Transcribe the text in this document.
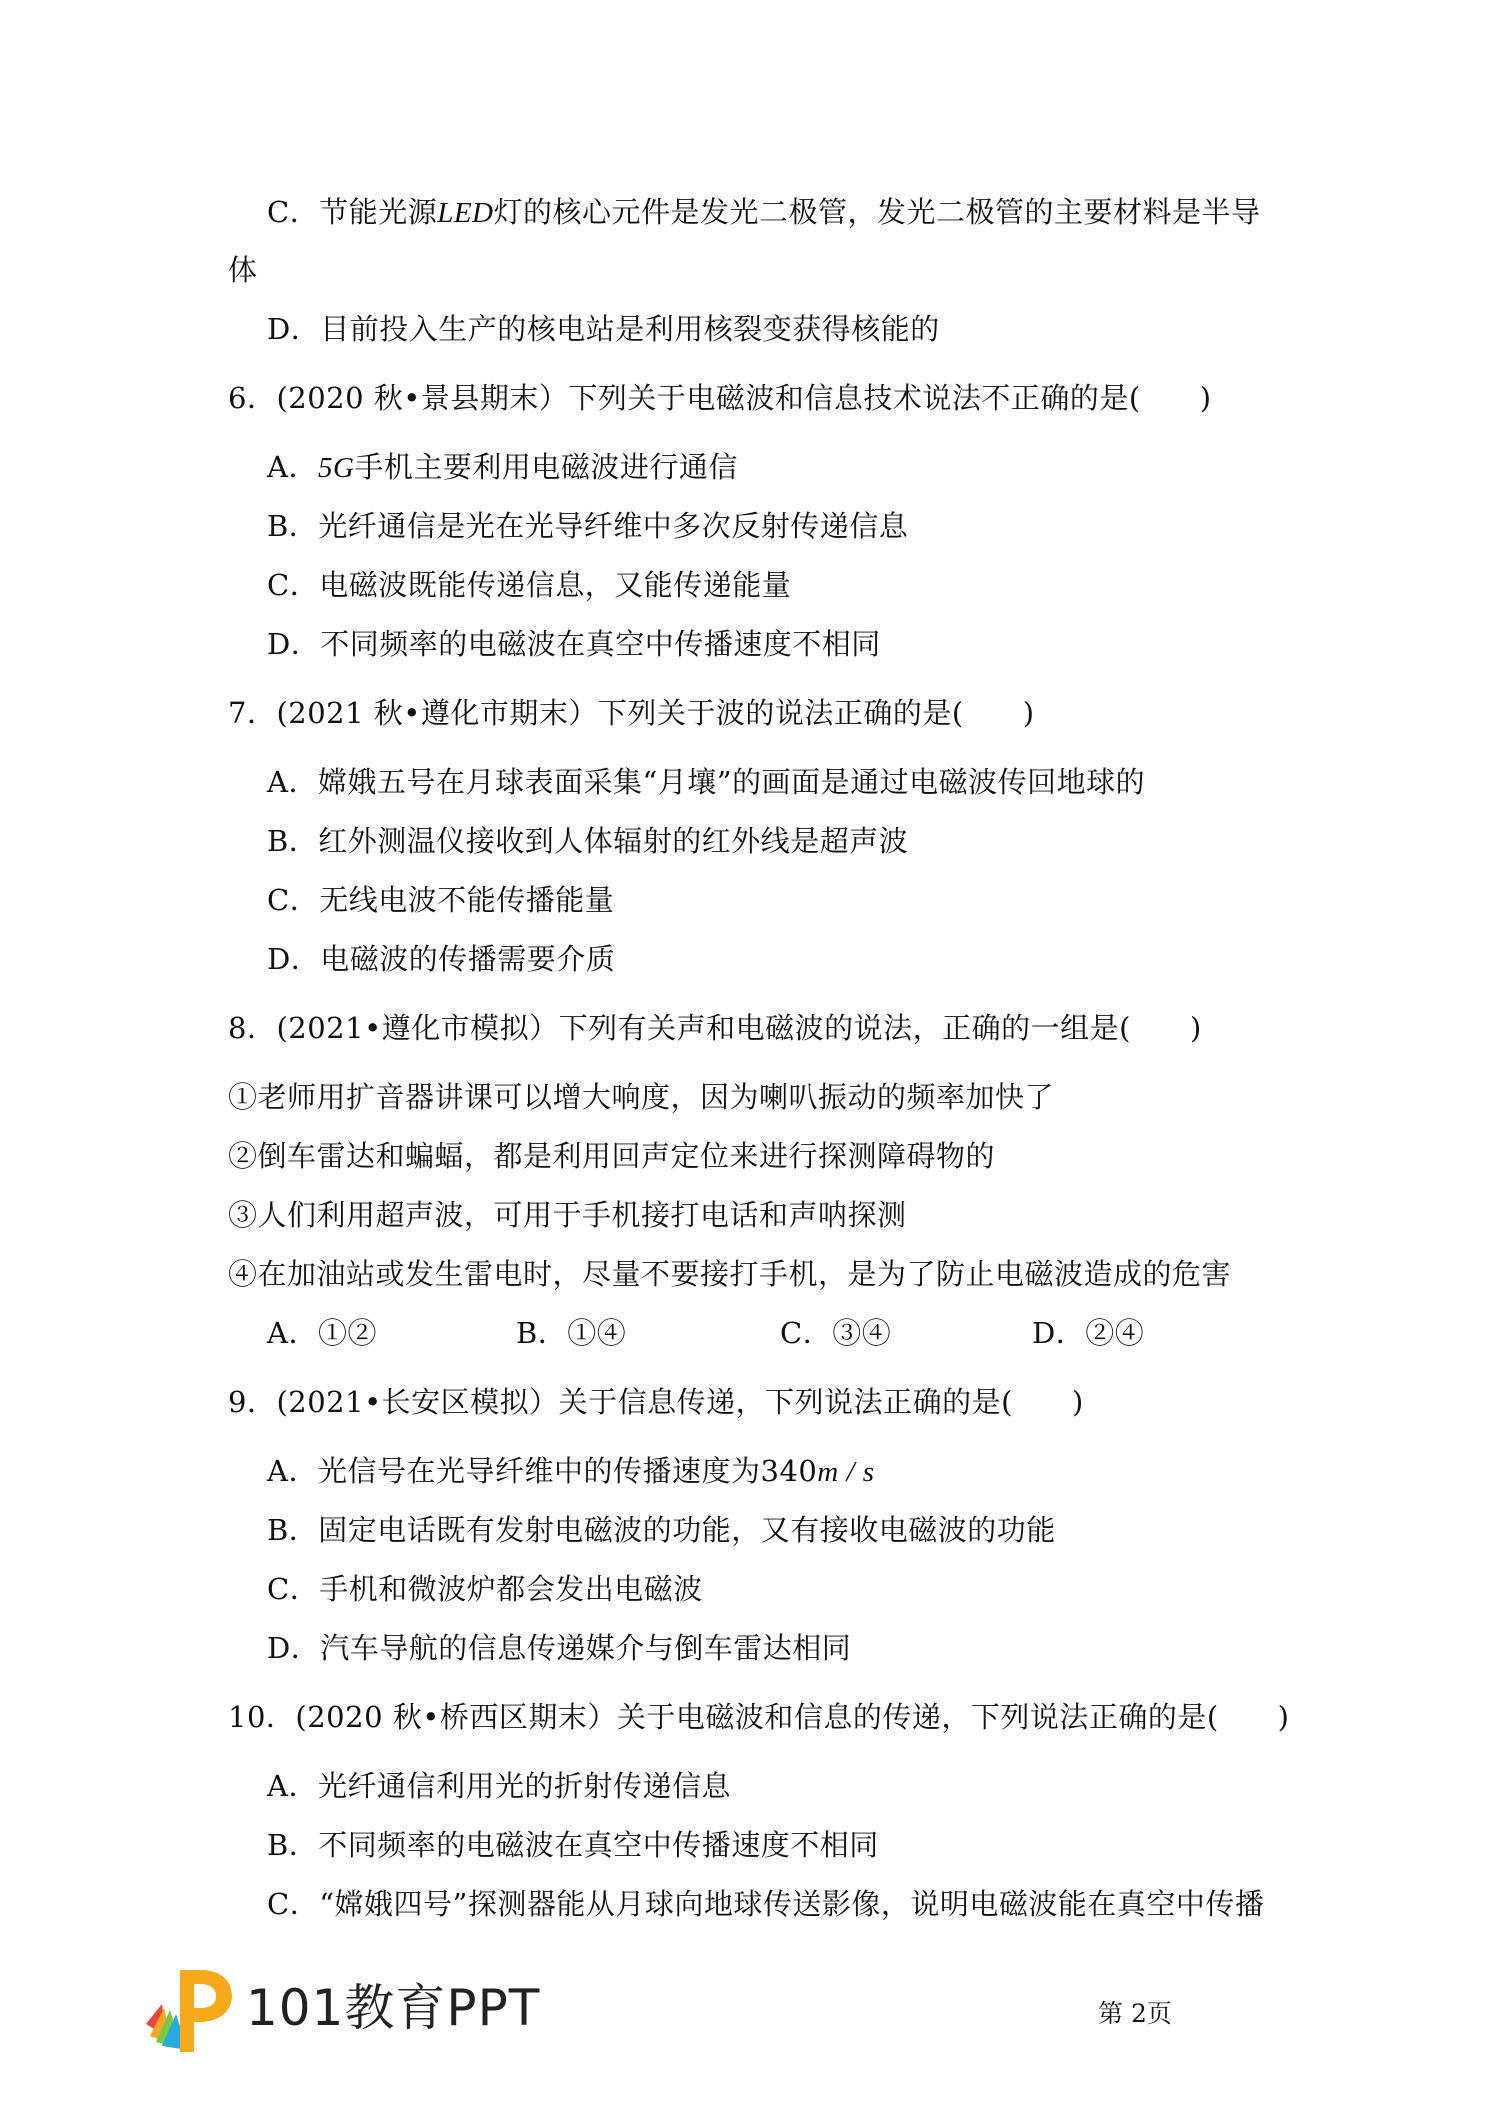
C．节能光源LED灯的核心元件是发光二极管，发光二极管的主要材料是半导
体
D．目前投入生产的核电站是利用核裂变获得核能的
6．(2020 秋•景县期末）下列关于电磁波和信息技术说法不正确的是(　　)
A．5G手机主要利用电磁波进行通信
B．光纤通信是光在光导纤维中多次反射传递信息
C．电磁波既能传递信息，又能传递能量
D．不同频率的电磁波在真空中传播速度不相同
7．(2021 秋•遵化市期末）下列关于波的说法正确的是(　　)
A．嫦娥五号在月球表面采集“月壤”的画面是通过电磁波传回地球的
B．红外测温仪接收到人体辐射的红外线是超声波
C．无线电波不能传播能量
D．电磁波的传播需要介质
8．(2021•遵化市模拟）下列有关声和电磁波的说法，正确的一组是(　　)
①老师用扩音器讲课可以增大响度，因为喇叭振动的频率加快了
②倒车雷达和蝙蝠，都是利用回声定位来进行探测障碍物的
③人们利用超声波，可用于手机接打电话和声呐探测
④在加油站或发生雷电时，尽量不要接打手机，是为了防止电磁波造成的危害
A．①②	B．①④	C．③④	D．②④
9．(2021•长安区模拟）关于信息传递，下列说法正确的是(　　)
A．光信号在光导纤维中的传播速度为340m / s
B．固定电话既有发射电磁波的功能，又有接收电磁波的功能
C．手机和微波炉都会发出电磁波
D．汽车导航的信息传递媒介与倒车雷达相同
10．(2020 秋•桥西区期末）关于电磁波和信息的传递，下列说法正确的是(　　)
A．光纤通信利用光的折射传递信息
B．不同频率的电磁波在真空中传播速度不相同
C．“嫦娥四号”探测器能从月球向地球传送影像，说明电磁波能在真空中传播
101教育PPT	第 2页
